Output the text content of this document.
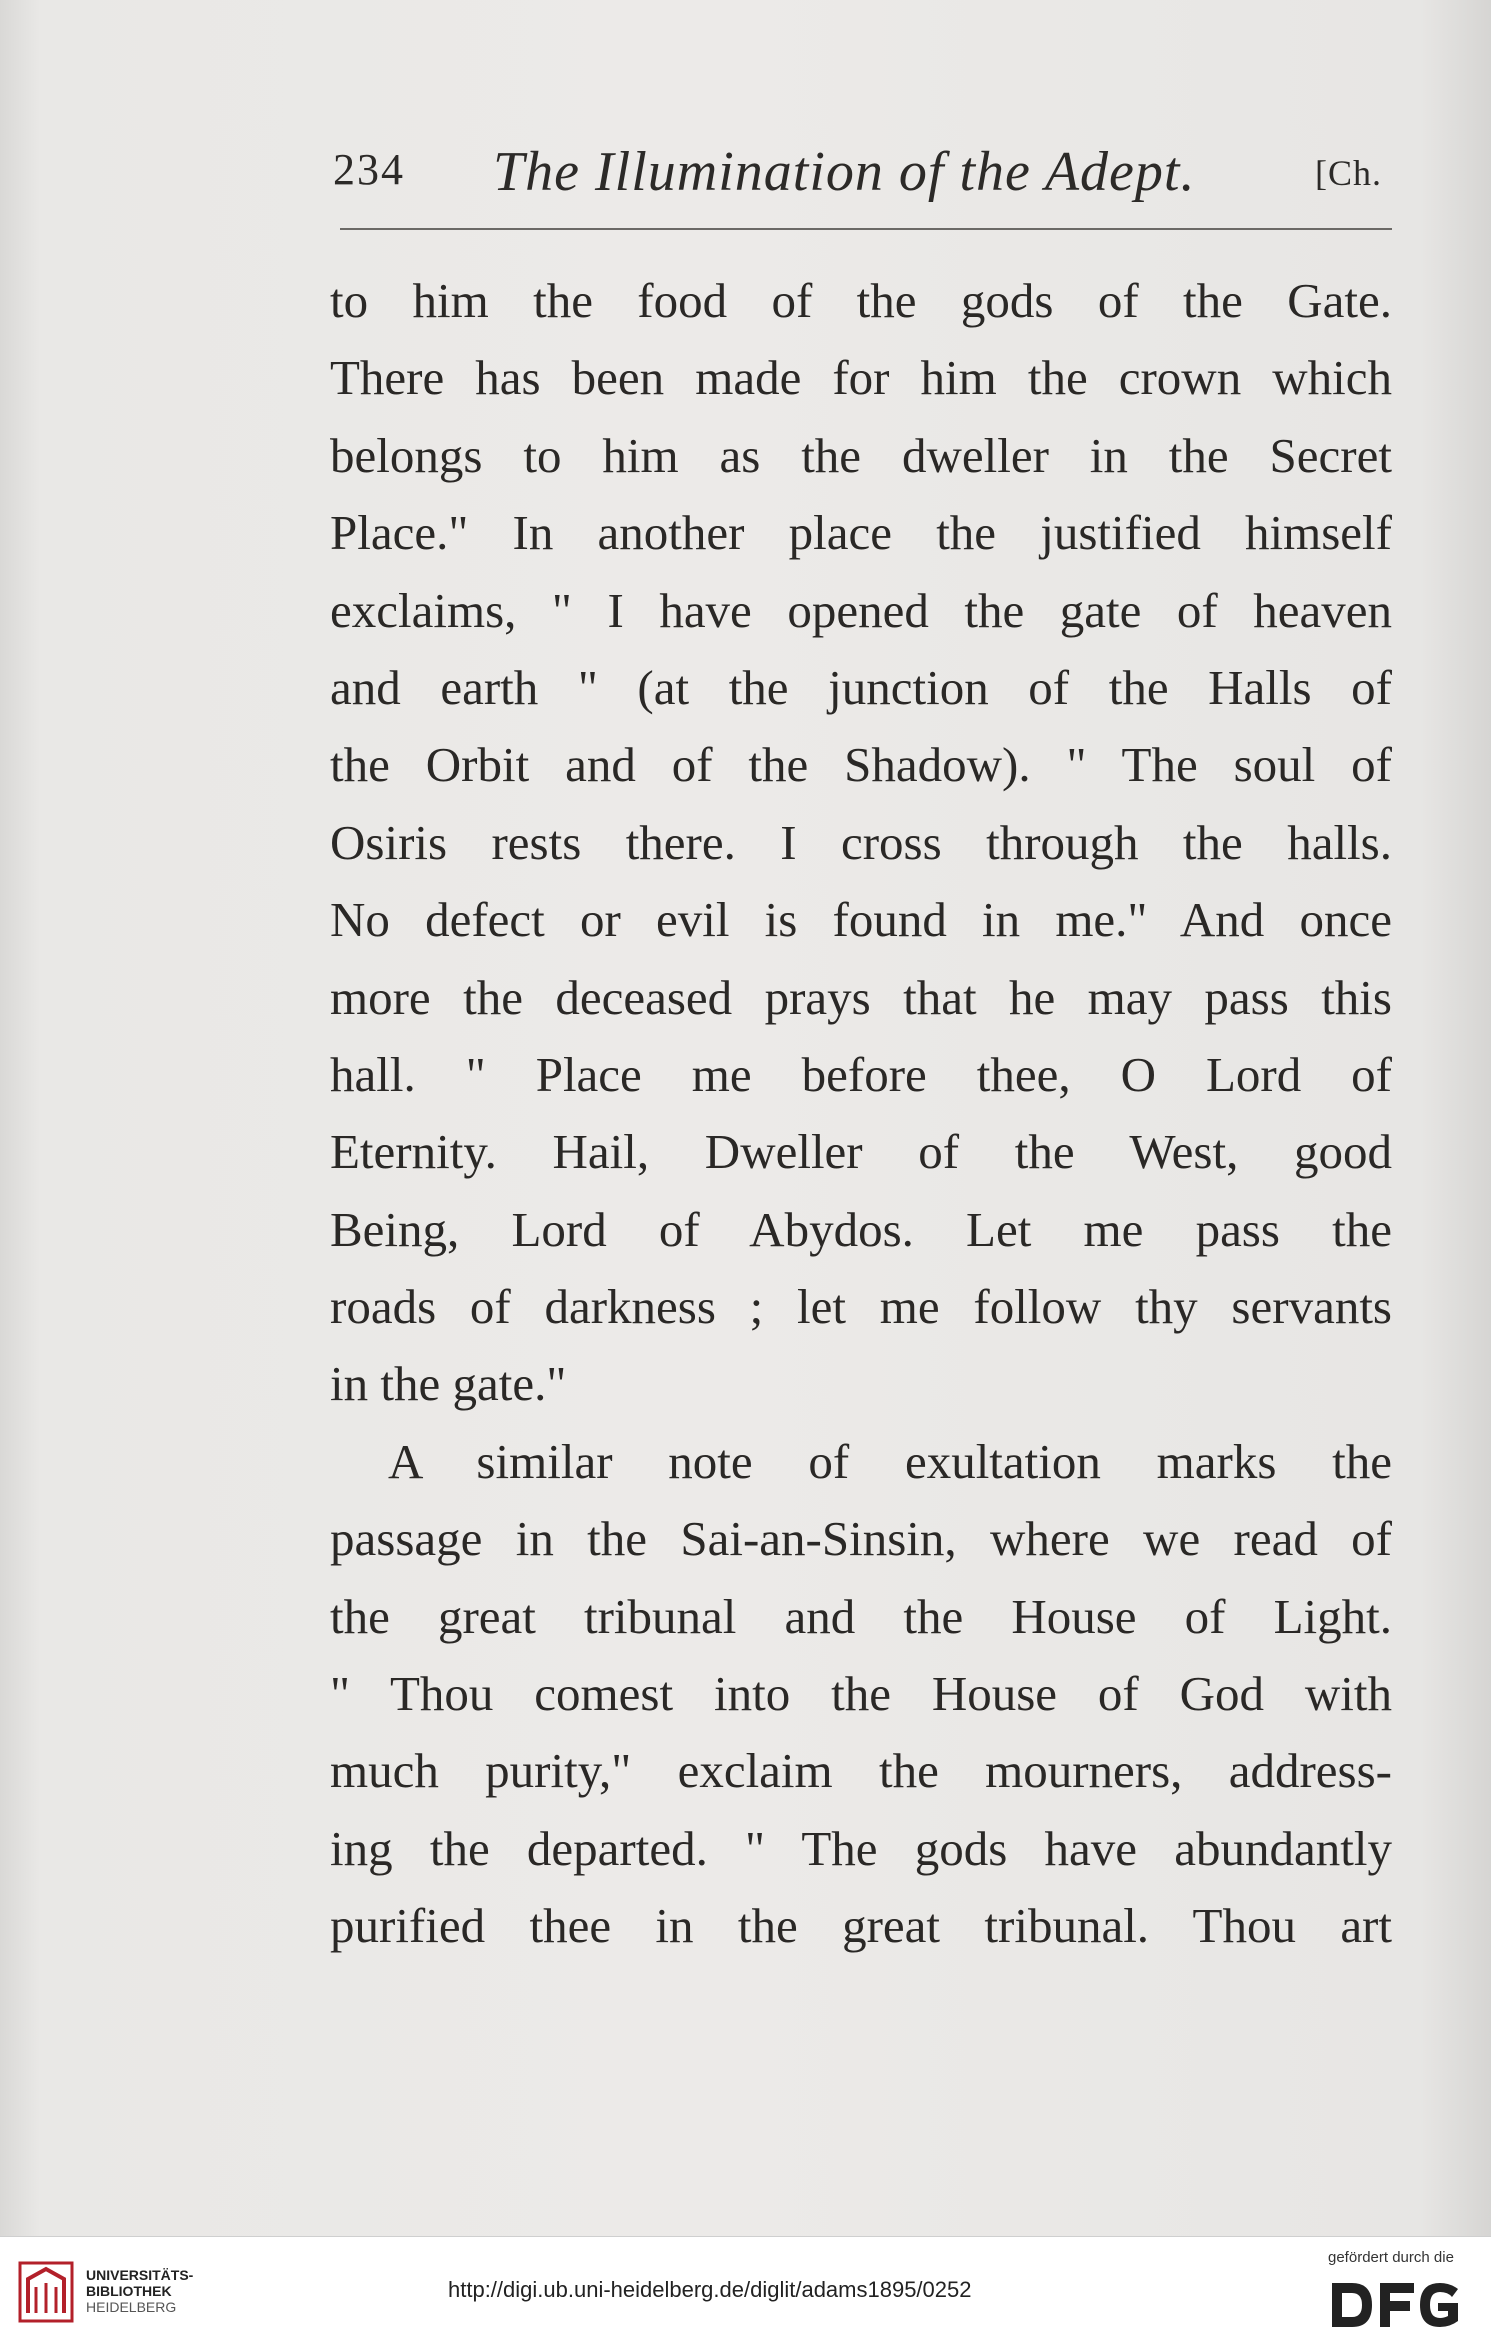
234 The Illumination of the Adept.	[Ch.
to him the food of the gods of the Gate.
There has been made for him the crown which
belongs to him as the dweller in the Secret
Place." In another place the justified himself
exclaims, " I have opened the gate of heaven
and earth " (at the junction of the Halls of
the Orbit and of the Shadow). " The soul of
Osiris rests there. I cross through the halls.
No defect or evil is found in me." And once
more the deceased prays that he may pass this
hall. " Place me before thee, O Lord of
Eternity. Hail, Dweller of the West, good
Being, Lord of Abydos. Let me pass the
roads of darkness ; let me follow thy servants
in the gate."
A similar note of exultation marks the
passage in the Sai-an-Sinsin, where we read of
the great tribunal and the House of Light.
" Thou comest into the House of God with
much purity," exclaim the mourners, address-
ing the departed. " The gods have abundantly
purified thee in the great tribunal. Thou art
UNIVERSITÄTS-
BIBLIOTHEK
HEIDELBERG
http://digi.ub.uni-heidelberg.de/diglit/adams1895/0252
gefördert durch die
